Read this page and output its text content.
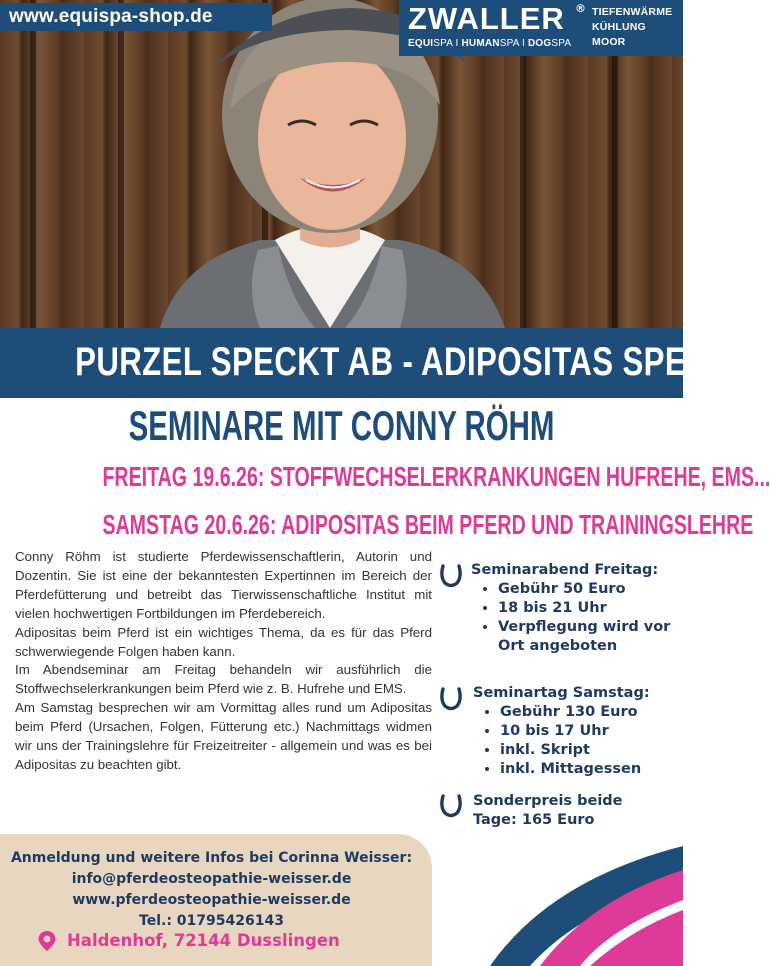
www.equispa-shop.de	ZWALLER ®
EQUISPA I HUMANSPA I DOGSPA
TIEFENWÄRME
KÜHLUNG
MOOR
PURZEL SPECKT AB - ADIPOSITAS SPEZIAL
SEMINARE MIT CONNY RÖHM
FREITAG 19.6.26: STOFFWECHSELERKRANKUNGEN HUFREHE, EMS...
SAMSTAG 20.6.26: ADIPOSITAS BEIM PFERD UND TRAININGSLEHRE

Conny Röhm ist studierte Pferdewissenschaftlerin, Autorin und Dozentin. Sie ist eine der bekanntesten Expertinnen im Bereich der Pferdefütterung und betreibt das Tierwissenschaftliche Institut mit vielen hochwertigen Fortbildungen im Pferdebereich.

Adipositas beim Pferd ist ein wichtiges Thema, da es für das Pferd schwerwiegende Folgen haben kann.

Im Abendseminar am Freitag behandeln wir ausführlich die Stoffwechselerkrankungen beim Pferd wie z. B. Hufrehe und EMS.

Am Samstag besprechen wir am Vormittag alles rund um Adipositas beim Pferd (Ursachen, Folgen, Fütterung etc.) Nachmittags widmen wir uns der Trainingslehre für Freizeitreiter - allgemein und was es bei Adipositas zu beachten gibt.

Seminarabend Freitag:
• Gebühr 50 Euro
• 18 bis 21 Uhr
• Verpflegung wird vor Ort angeboten
Seminartag Samstag:
• Gebühr 130 Euro
• 10 bis 17 Uhr
• inkl. Skript
• inkl. Mittagessen
Sonderpreis beide
Tage: 165 Euro
Anmeldung und weitere Infos bei Corinna Weisser:
info@pferdeosteopathie-weisser.de
www.pferdeosteopathie-weisser.de
Tel.: 01795426143
Haldenhof, 72144 Dusslingen
